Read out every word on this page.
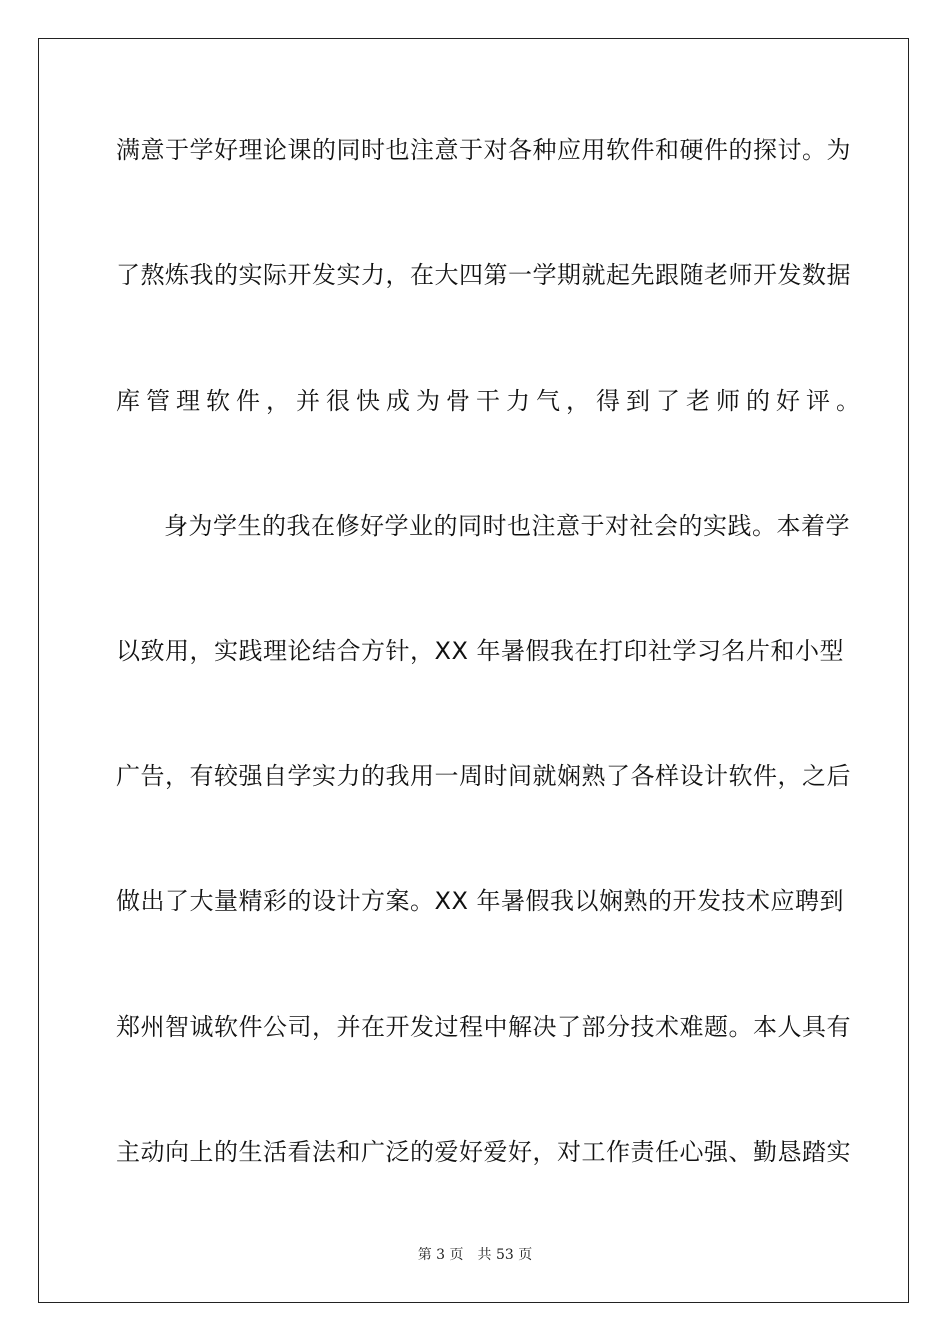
满意于学好理论课的同时也注意于对各种应用软件和硬件的探讨。为
了熬炼我的实际开发实力，在大四第一学期就起先跟随老师开发数据
库管理软件，并很快成为骨干力气，得到了老师的好评。
身为学生的我在修好学业的同时也注意于对社会的实践。本着学
以致用，实践理论结合方针，XX 年暑假我在打印社学习名片和小型
广告，有较强自学实力的我用一周时间就娴熟了各样设计软件，之后
做出了大量精彩的设计方案。XX 年暑假我以娴熟的开发技术应聘到
郑州智诚软件公司，并在开发过程中解决了部分技术难题。本人具有
主动向上的生活看法和广泛的爱好爱好，对工作责任心强、勤恳踏实
第 3 页 共 53 页
